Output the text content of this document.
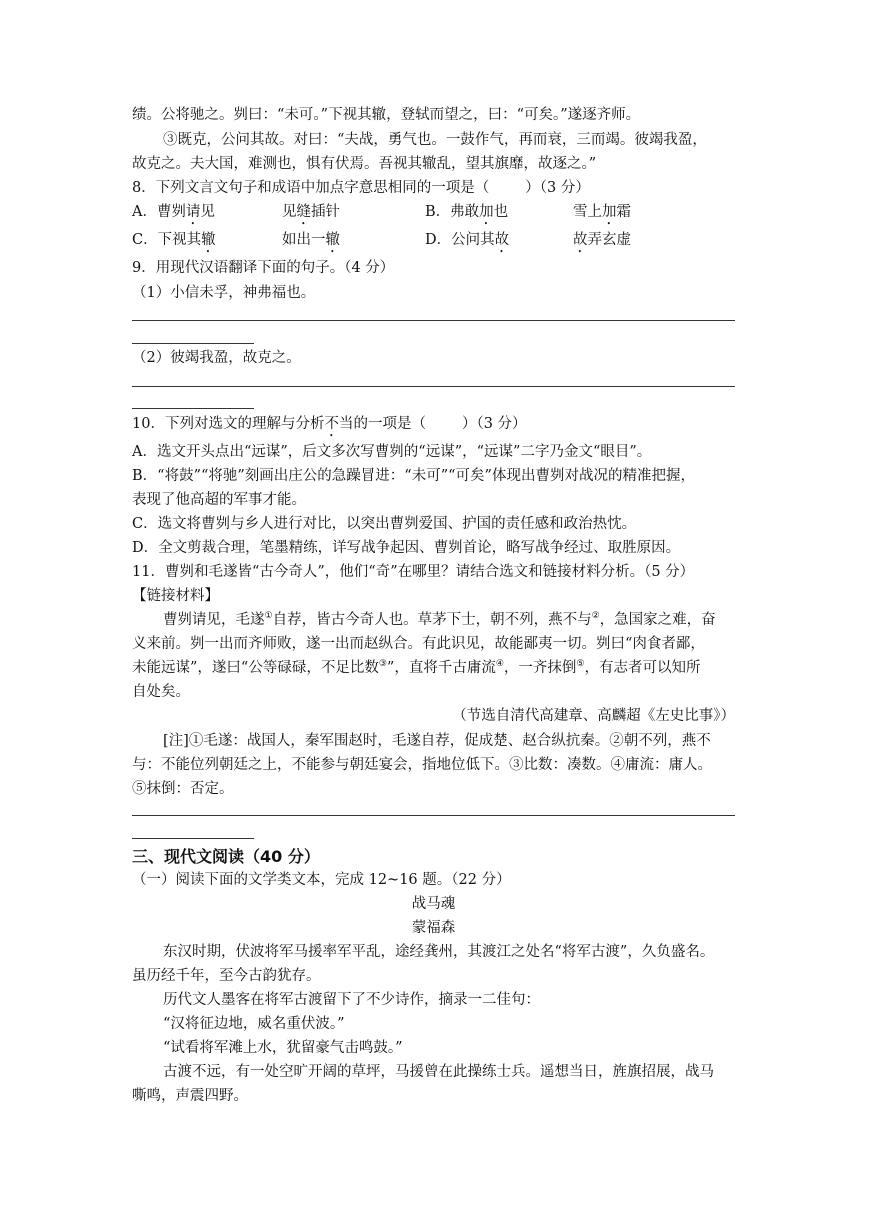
绩。公将驰之。刿曰：“未可。”下视其辙，登轼而望之，曰：“可矣。”遂逐齐师。
③既克，公问其故。对曰：“夫战，勇气也。一鼓作气，再而衰，三而竭。彼竭我盈，
故克之。夫大国，难测也，惧有伏焉。吾视其辙乱，望其旗靡，故逐之。”
8．下列文言文句子和成语中加点字意思相同的一项是（ ）（3 分）
A．曹刿请见	见缝插针	B．弗敢加也	雪上加霜
C．下视其辙	如出一辙	D．公问其故	故弄玄虚
9．用现代汉语翻译下面的句子。（4 分）
（1）小信未孚，神弗福也。
（2）彼竭我盈，故克之。
10．下列对选文的理解与分析不当的一项是（ ）（3 分）
A．选文开头点出“远谋”，后文多次写曹刿的“远谋”，“远谋”二字乃金文“眼目”。
B．“将鼓”“将驰”刻画出庄公的急躁冒进：“未可”“可矣”体现出曹刿对战况的精准把握，
表现了他高超的军事才能。
C．选文将曹刿与乡人进行对比，以突出曹刿爱国、护国的责任感和政治热忱。
D．全文剪裁合理，笔墨精练，详写战争起因、曹刿首论，略写战争经过、取胜原因。
11．曹刿和毛遂皆“古今奇人”，他们“奇”在哪里？请结合选文和链接材料分析。（5 分）
【链接材料】
曹刿请见，毛遂①自荐，皆古今奇人也。草茅下士，朝不列，燕不与②，急国家之难，奋
义来前。刿一出而齐师败，遂一出而赵纵合。有此识见，故能鄙夷一切。刿曰“肉食者鄙，
未能远谋”，遂曰“公等碌碌，不足比数③”，直将千古庸流④，一齐抹倒⑤，有志者可以知所
自处矣。
（节选自清代高建章、高麟超《左史比事》）
[注]①毛遂：战国人，秦军围赵时，毛遂自荐，促成楚、赵合纵抗秦。②朝不列，燕不
与：不能位列朝廷之上，不能参与朝廷宴会，指地位低下。③比数：凑数。④庸流：庸人。
⑤抹倒：否定。
三、现代文阅读（40 分）
（一）阅读下面的文学类文本，完成 12~16 题。（22 分）
战马魂
蒙福森
东汉时期，伏波将军马援率军平乱，途经龚州，其渡江之处名“将军古渡”，久负盛名。
虽历经千年，至今古韵犹存。
历代文人墨客在将军古渡留下了不少诗作，摘录一二佳句：
“汉将征边地，威名重伏波。”
“试看将军滩上水，犹留豪气击鸣鼓。”
古渡不远，有一处空旷开阔的草坪，马援曾在此操练士兵。遥想当日，旌旗招展，战马
嘶鸣，声震四野。
